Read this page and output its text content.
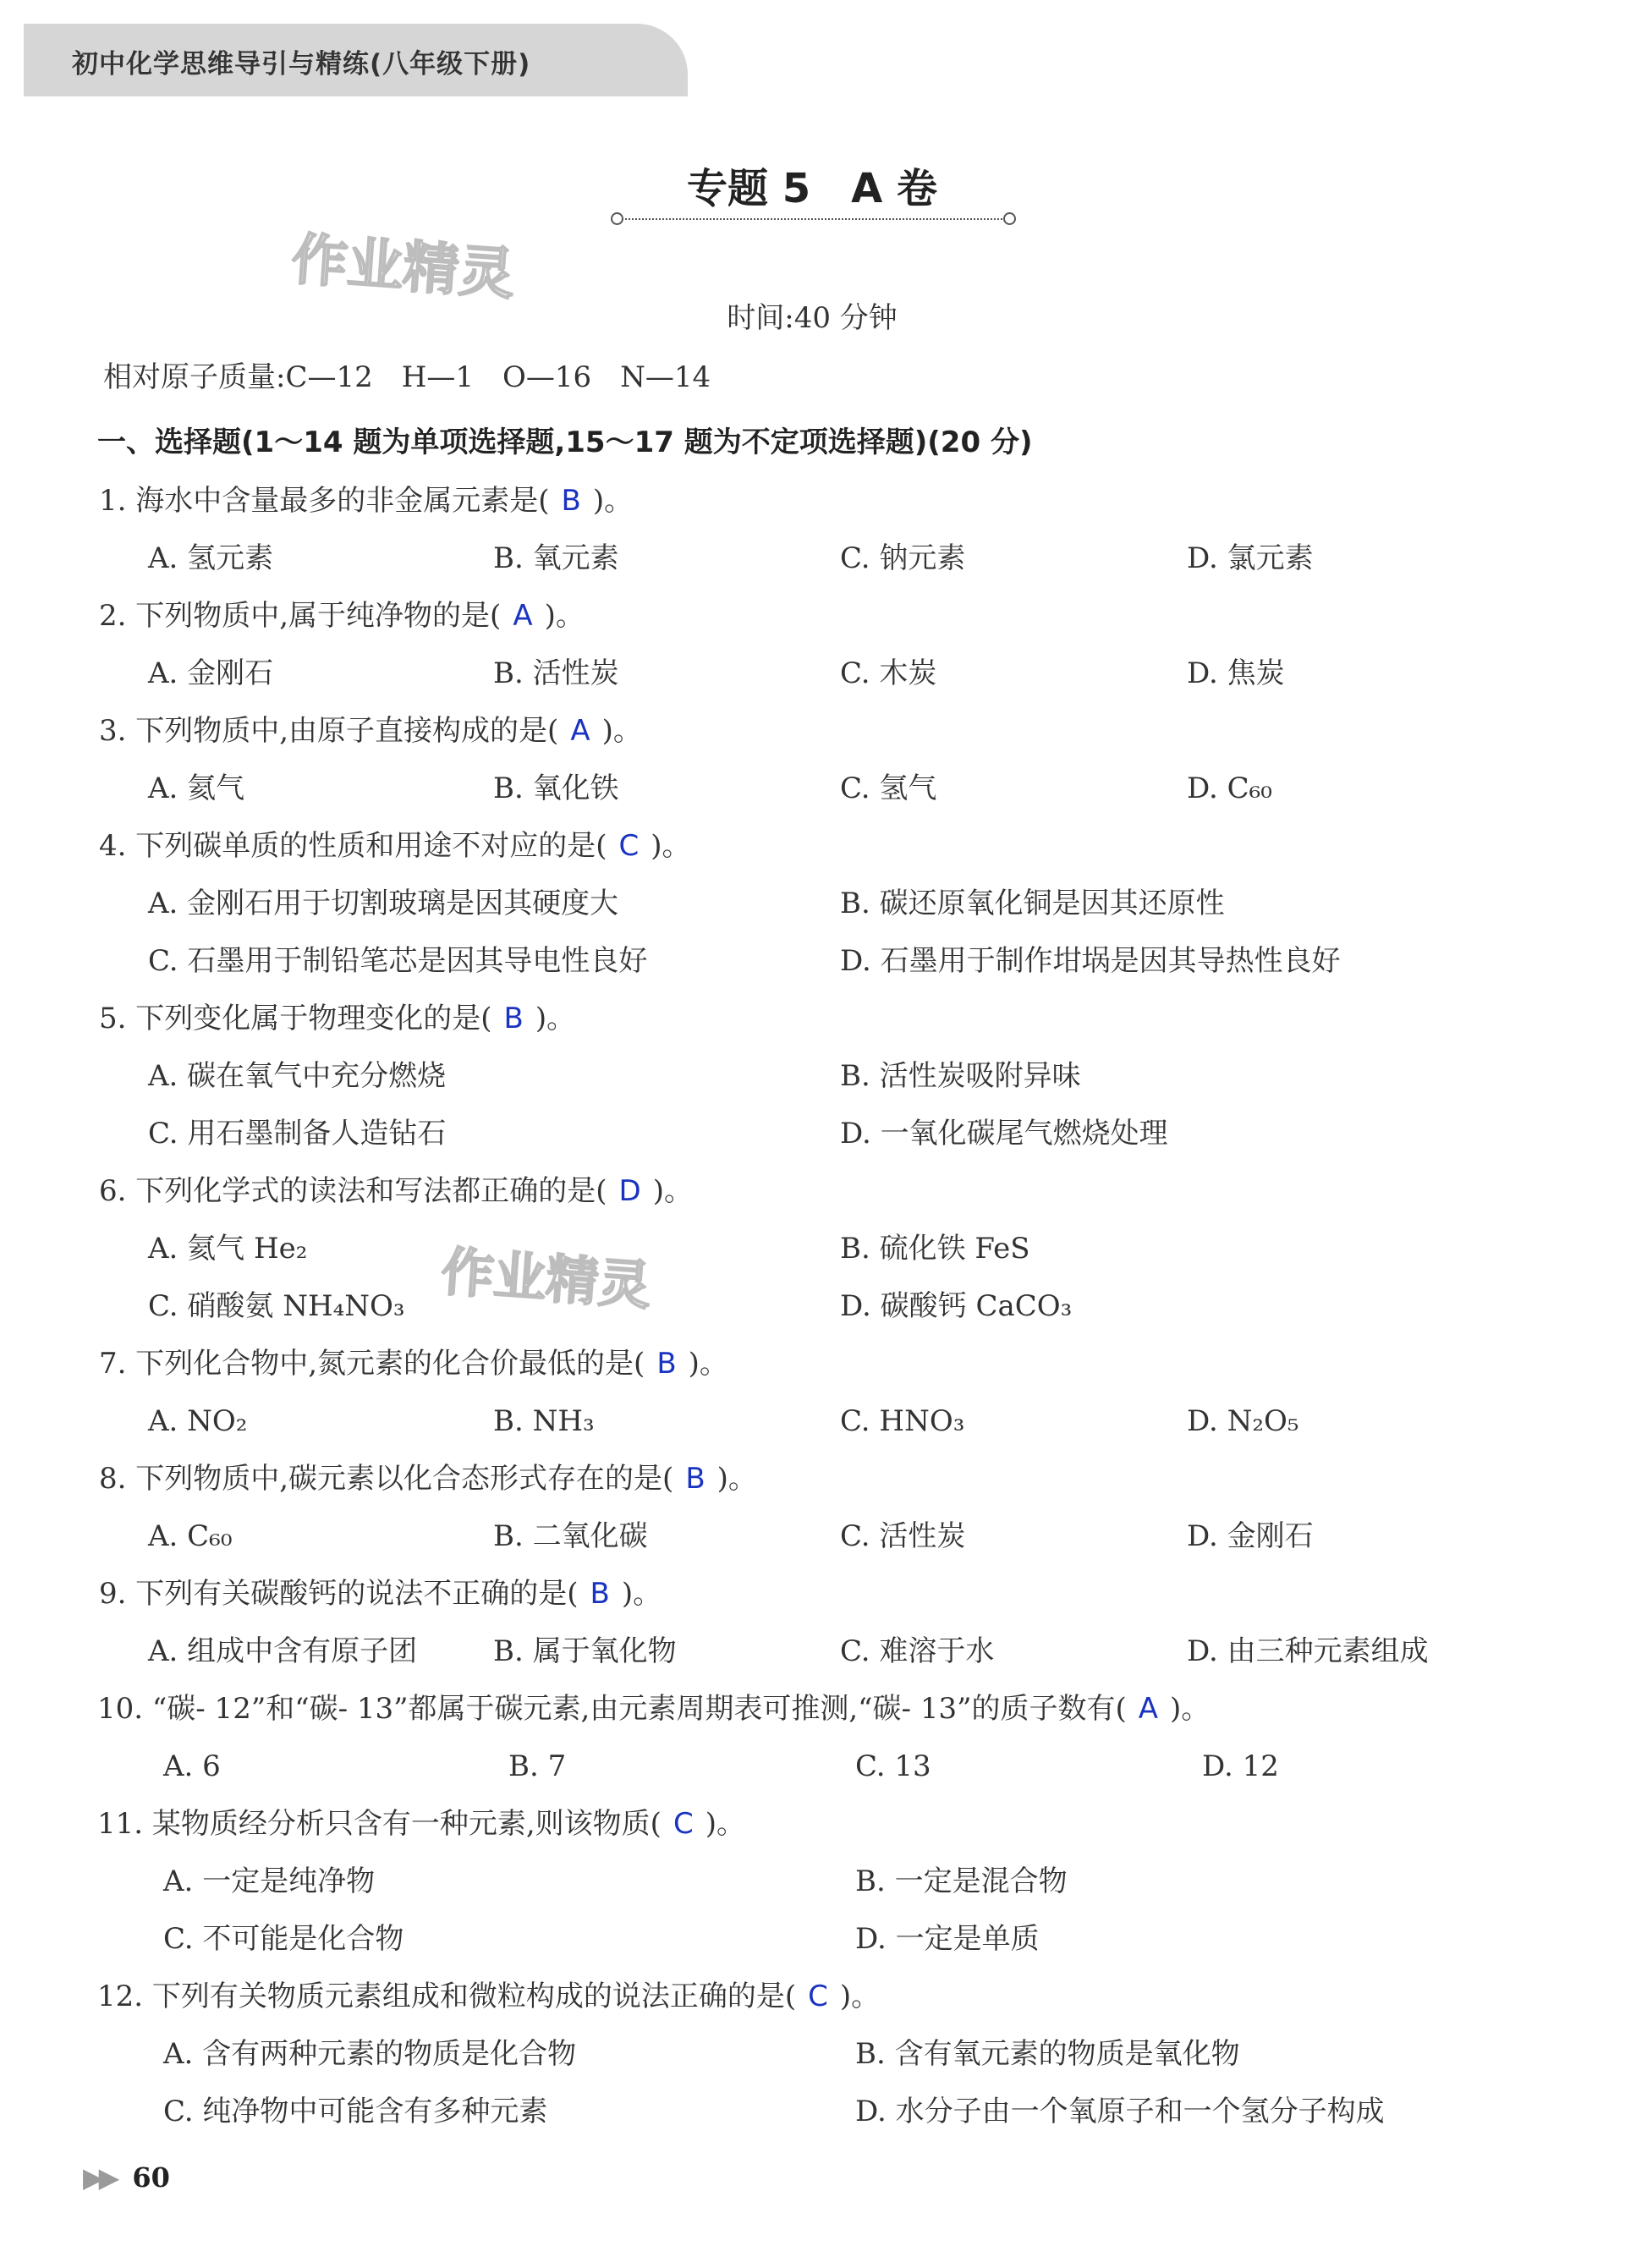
初中化学思维导引与精练(八年级下册)
专题 5　A 卷
作业精灵
作业精灵
时间:40 分钟
相对原子质量:C—12　H—1　O—16　N—14
一、选择题(1～14 题为单项选择题,15～17 题为不定项选择题)(20 分)
1. 海水中含量最多的非金属元素是( B )。
A. 氢元素	B. 氧元素	C. 钠元素	D. 氯元素
2. 下列物质中,属于纯净物的是( A )。
A. 金刚石	B. 活性炭	C. 木炭	D. 焦炭
3. 下列物质中,由原子直接构成的是( A )。
A. 氦气	B. 氧化铁	C. 氢气	D. C₆₀
4. 下列碳单质的性质和用途不对应的是( C )。
A. 金刚石用于切割玻璃是因其硬度大	B. 碳还原氧化铜是因其还原性
C. 石墨用于制铅笔芯是因其导电性良好	D. 石墨用于制作坩埚是因其导热性良好
5. 下列变化属于物理变化的是( B )。
A. 碳在氧气中充分燃烧	B. 活性炭吸附异味
C. 用石墨制备人造钻石	D. 一氧化碳尾气燃烧处理
6. 下列化学式的读法和写法都正确的是( D )。
A. 氦气 He₂	B. 硫化铁 FeS
C. 硝酸氨 NH₄NO₃	D. 碳酸钙 CaCO₃
7. 下列化合物中,氮元素的化合价最低的是( B )。
A. NO₂	B. NH₃	C. HNO₃	D. N₂O₅
8. 下列物质中,碳元素以化合态形式存在的是( B )。
A. C₆₀	B. 二氧化碳	C. 活性炭	D. 金刚石
9. 下列有关碳酸钙的说法不正确的是( B )。
A. 组成中含有原子团	B. 属于氧化物	C. 难溶于水	D. 由三种元素组成
10. “碳- 12”和“碳- 13”都属于碳元素,由元素周期表可推测,“碳- 13”的质子数有( A )。
A. 6	B. 7	C. 13	D. 12
11. 某物质经分析只含有一种元素,则该物质( C )。
A. 一定是纯净物	B. 一定是混合物
C. 不可能是化合物	D. 一定是单质
12. 下列有关物质元素组成和微粒构成的说法正确的是( C )。
A. 含有两种元素的物质是化合物	B. 含有氧元素的物质是氧化物
C. 纯净物中可能含有多种元素	D. 水分子由一个氧原子和一个氢分子构成
▶▶ 60
